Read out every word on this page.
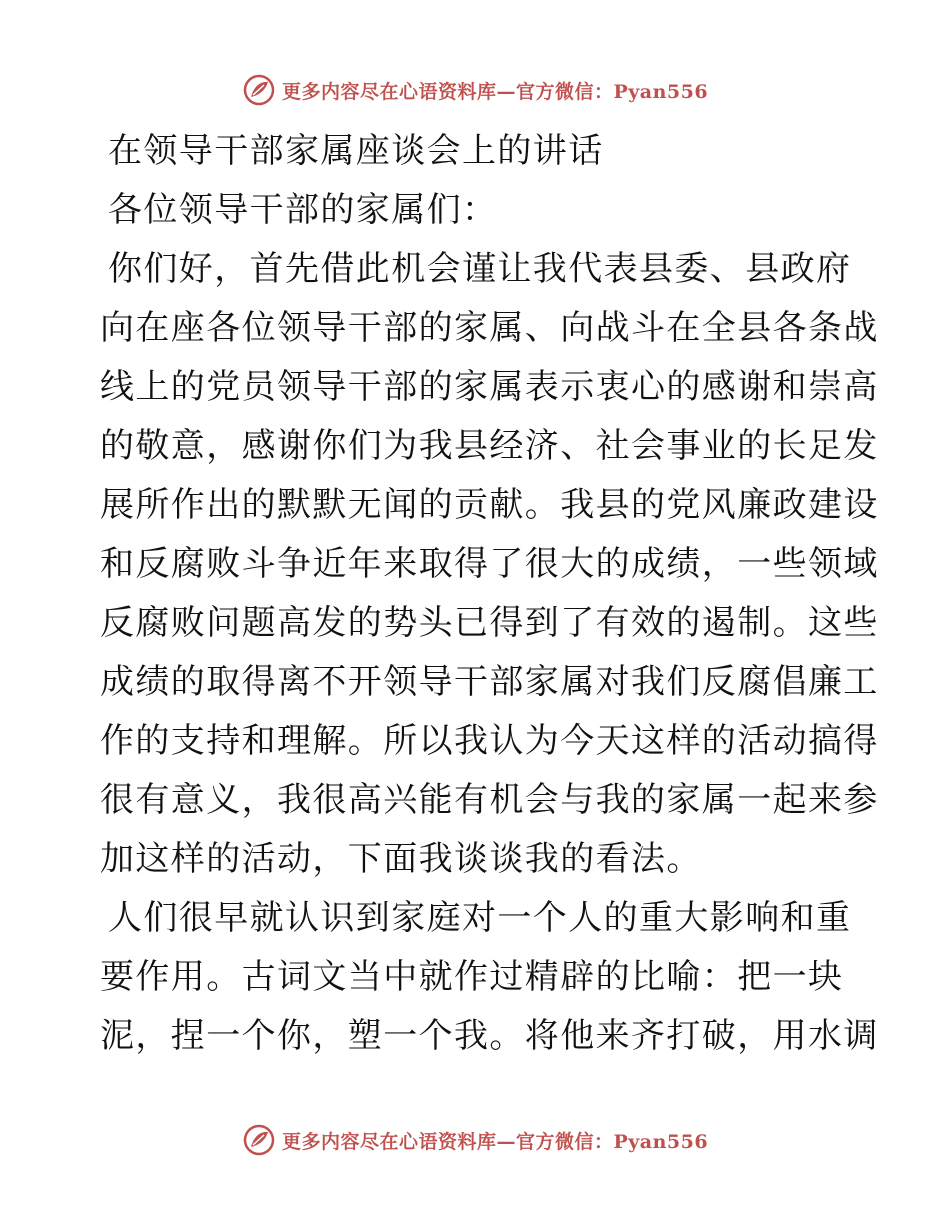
更多内容尽在心语资料库—官方微信：Pyan556
在领导干部家属座谈会上的讲话
各位领导干部的家属们：
你们好，首先借此机会谨让我代表县委、县政府
向在座各位领导干部的家属、向战斗在全县各条战
线上的党员领导干部的家属表示衷心的感谢和崇高
的敬意，感谢你们为我县经济、社会事业的长足发
展所作出的默默无闻的贡献。我县的党风廉政建设
和反腐败斗争近年来取得了很大的成绩，一些领域
反腐败问题高发的势头已得到了有效的遏制。这些
成绩的取得离不开领导干部家属对我们反腐倡廉工
作的支持和理解。所以我认为今天这样的活动搞得
很有意义，我很高兴能有机会与我的家属一起来参
加这样的活动，下面我谈谈我的看法。
人们很早就认识到家庭对一个人的重大影响和重
要作用。古词文当中就作过精辟的比喻：把一块
泥，捏一个你，塑一个我。将他来齐打破，用水调
更多内容尽在心语资料库—官方微信：Pyan556
